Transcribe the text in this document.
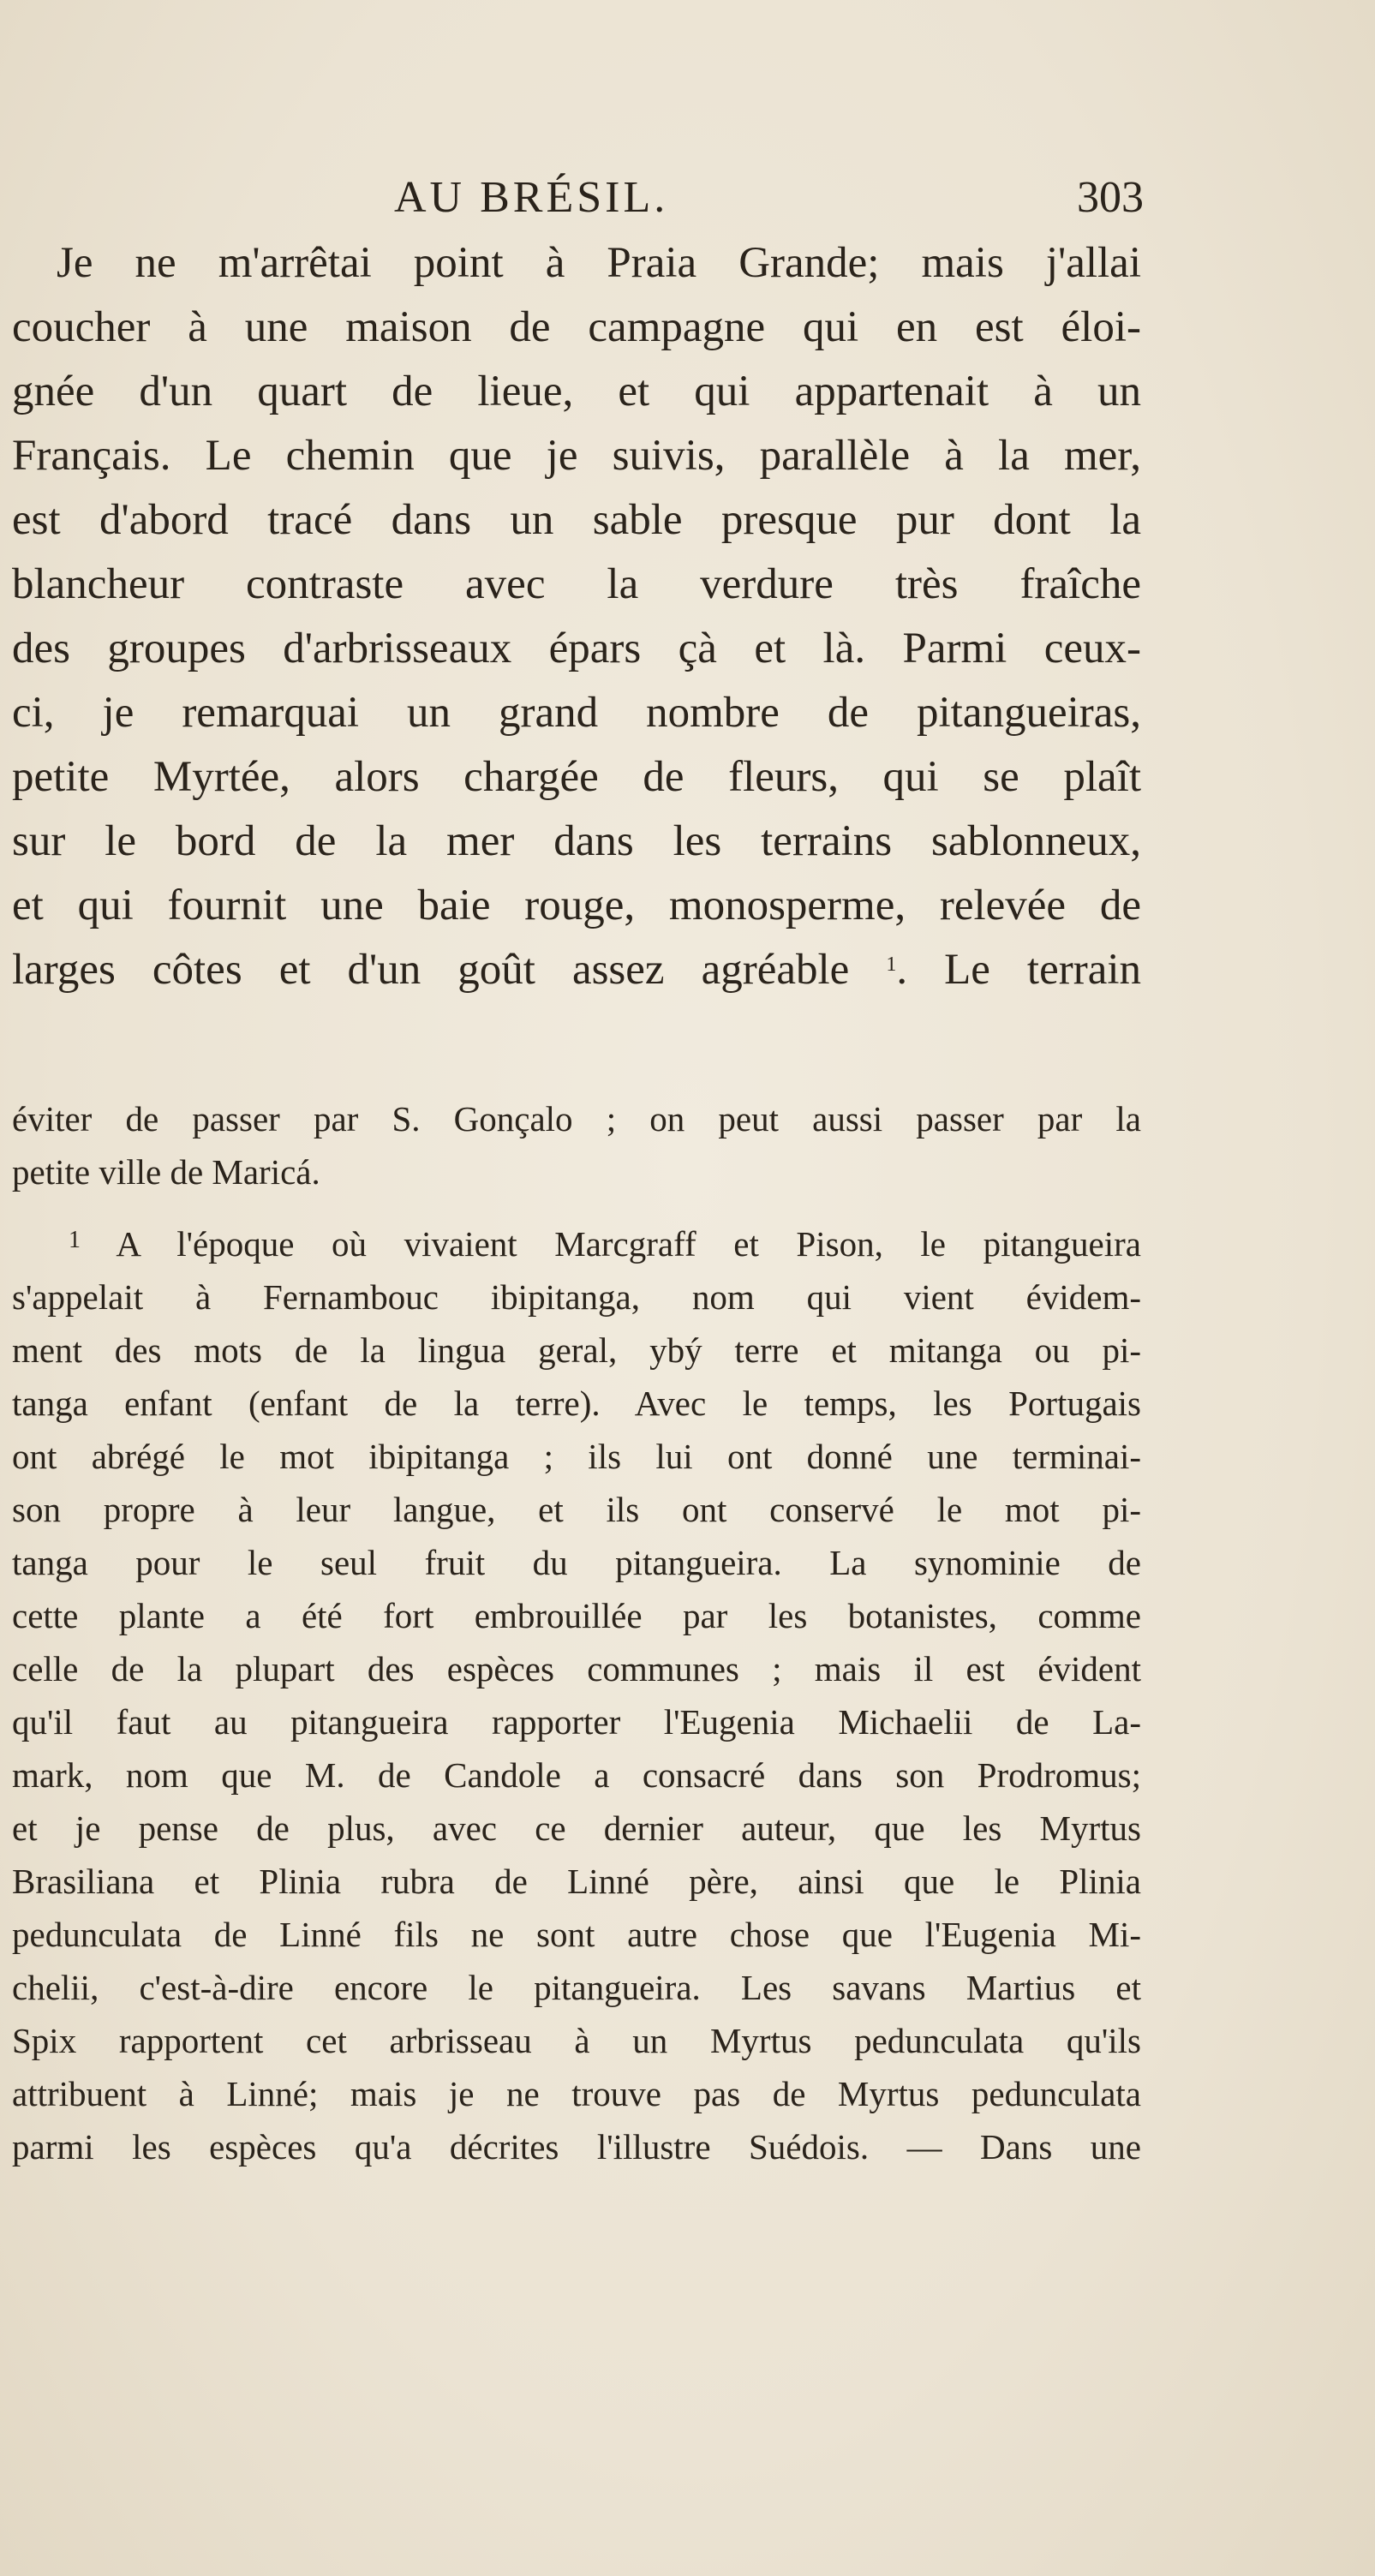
AU BRÉSIL.	303
Je ne m'arrêtai point à Praia Grande; mais j'allai
coucher à une maison de campagne qui en est éloi-
gnée d'un quart de lieue, et qui appartenait à un
Français. Le chemin que je suivis, parallèle à la mer,
est d'abord tracé dans un sable presque pur dont la
blancheur contraste avec la verdure très fraîche
des groupes d'arbrisseaux épars çà et là. Parmi ceux-
ci, je remarquai un grand nombre de pitangueiras,
petite Myrtée, alors chargée de fleurs, qui se plaît
sur le bord de la mer dans les terrains sablonneux,
et qui fournit une baie rouge, monosperme, relevée de
larges côtes et d'un goût assez agréable $^1$. Le terrain
éviter de passer par S. Gonçalo ; on peut aussi passer par la
petite ville de Maricá.
$^1$ A l'époque où vivaient Marcgraff et Pison, le pitangueira
s'appelait à Fernambouc ibipitanga, nom qui vient évidem-
ment des mots de la lingua geral, ybý terre et mitanga ou pi-
tanga enfant (enfant de la terre). Avec le temps, les Portugais
ont abrégé le mot ibipitanga ; ils lui ont donné une terminai-
son propre à leur langue, et ils ont conservé le mot pi-
tanga pour le seul fruit du pitangueira. La synominie de
cette plante a été fort embrouillée par les botanistes, comme
celle de la plupart des espèces communes ; mais il est évident
qu'il faut au pitangueira rapporter l'Eugenia Michaelii de La-
mark, nom que M. de Candole a consacré dans son Prodromus;
et je pense de plus, avec ce dernier auteur, que les Myrtus
Brasiliana et Plinia rubra de Linné père, ainsi que le Plinia
pedunculata de Linné fils ne sont autre chose que l'Eugenia Mi-
chelii, c'est-à-dire encore le pitangueira. Les savans Martius et
Spix rapportent cet arbrisseau à un Myrtus pedunculata qu'ils
attribuent à Linné; mais je ne trouve pas de Myrtus pedunculata
parmi les espèces qu'a décrites l'illustre Suédois. — Dans une
